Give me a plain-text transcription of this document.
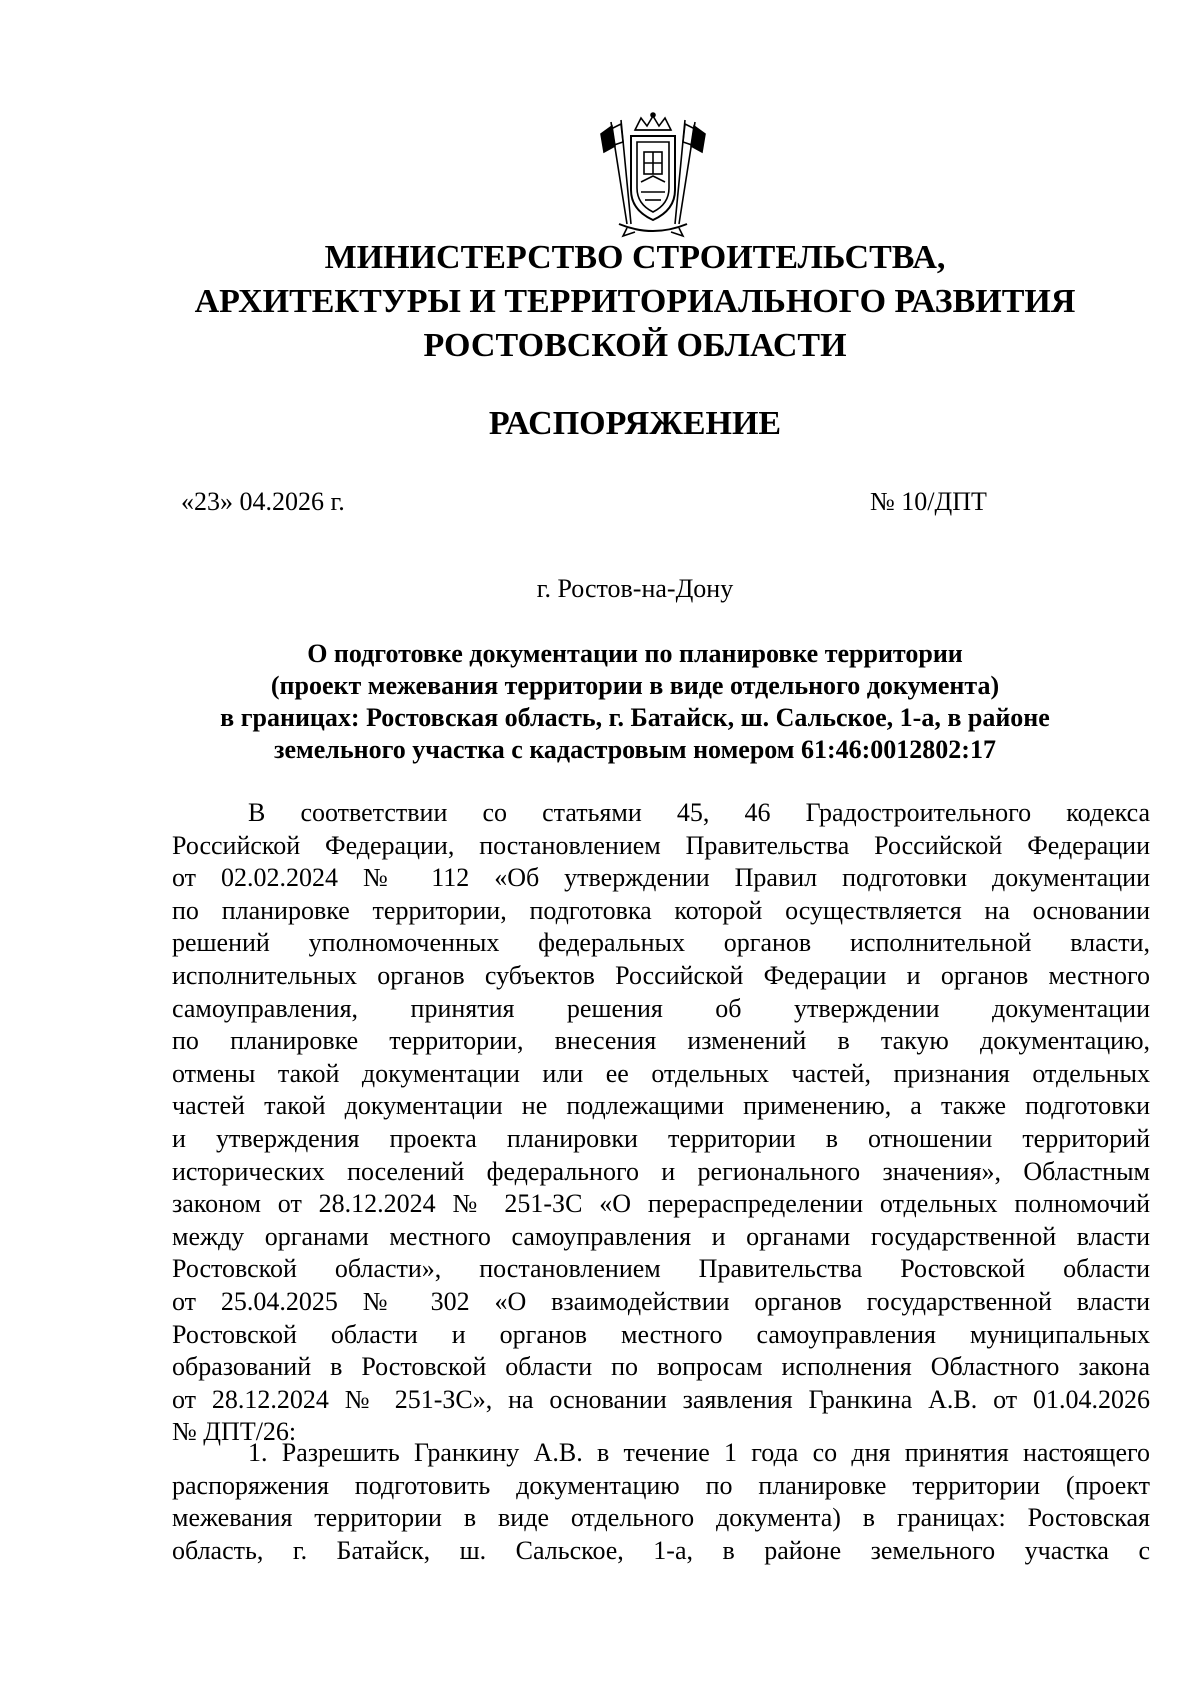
МИНИСТЕРСТВО СТРОИТЕЛЬСТВА,
АРХИТЕКТУРЫ И ТЕРРИТОРИАЛЬНОГО РАЗВИТИЯ
РОСТОВСКОЙ ОБЛАСТИ
РАСПОРЯЖЕНИЕ
«23» 04.2026 г.	№ 10/ДПТ
г. Ростов-на-Дону
О подготовке документации по планировке территории
(проект межевания территории в виде отдельного документа)
в границах: Ростовская область, г. Батайск, ш. Сальское, 1-а, в районе
земельного участка с кадастровым номером 61:46:0012802:17
В соответствии со статьями 45, 46 Градостроительного кодекса
Российской Федерации, постановлением Правительства Российской Федерации
от 02.02.2024 № 112 «Об утверждении Правил подготовки документации
по планировке территории, подготовка которой осуществляется на основании
решений уполномоченных федеральных органов исполнительной власти,
исполнительных органов субъектов Российской Федерации и органов местного
самоуправления, принятия решения об утверждении документации
по планировке территории, внесения изменений в такую документацию,
отмены такой документации или ее отдельных частей, признания отдельных
частей такой документации не подлежащими применению, а также подготовки
и утверждения проекта планировки территории в отношении территорий
исторических поселений федерального и регионального значения», Областным
законом от 28.12.2024 № 251-ЗС «О перераспределении отдельных полномочий
между органами местного самоуправления и органами государственной власти
Ростовской области», постановлением Правительства Ростовской области
от 25.04.2025 № 302 «О взаимодействии органов государственной власти
Ростовской области и органов местного самоуправления муниципальных
образований в Ростовской области по вопросам исполнения Областного закона
от 28.12.2024 № 251-ЗС», на основании заявления Гранкина А.В. от 01.04.2026
№ ДПТ/26:
1. Разрешить Гранкину А.В. в течение 1 года со дня принятия настоящего
распоряжения подготовить документацию по планировке территории (проект
межевания территории в виде отдельного документа) в границах: Ростовская
область, г. Батайск, ш. Сальское, 1-а, в районе земельного участка с
